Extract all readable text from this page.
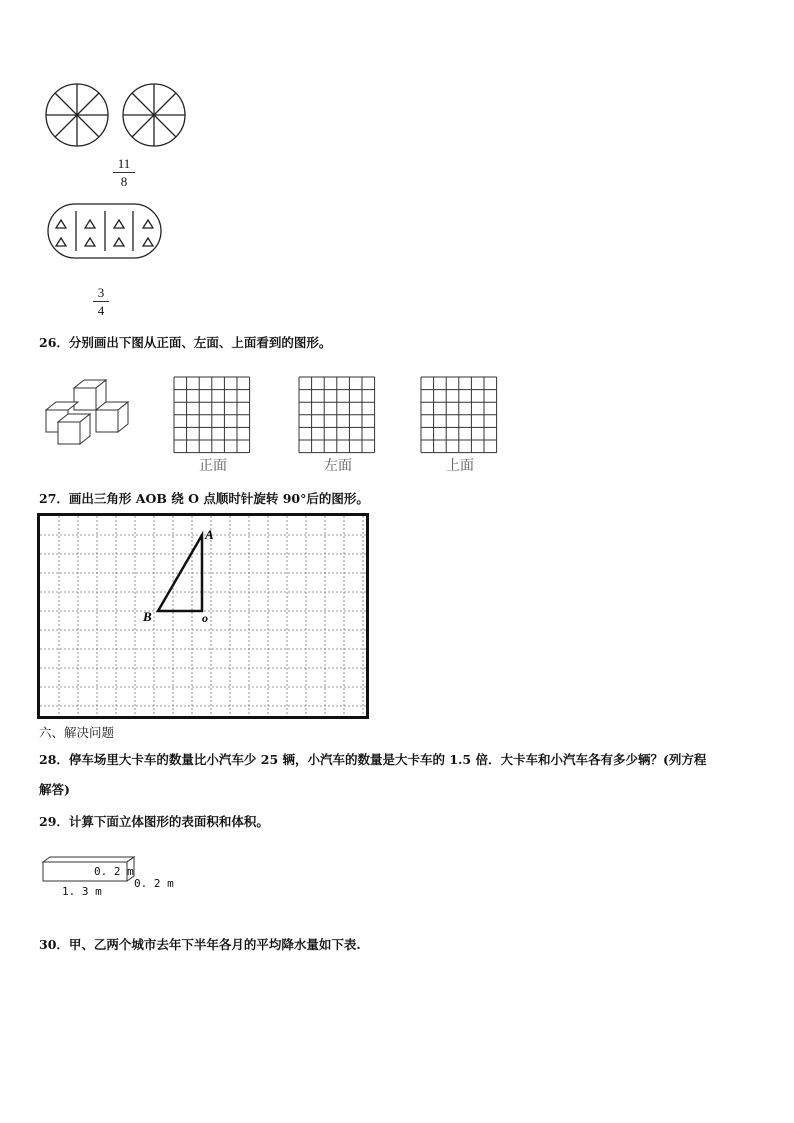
11
8
3
4
26．分别画出下图从正面、左面、上面看到的图形。
正面	左面	上面
27．画出三角形 AOB 绕 O 点顺时针旋转 90°后的图形。
A
B	o
六、解决问题
28．停车场里大卡车的数量比小汽车少 25 辆，小汽车的数量是大卡车的 1.5 倍．大卡车和小汽车各有多少辆？(列方程
解答)
29．计算下面立体图形的表面积和体积。
0. 2 m
0. 2 m
1. 3 m
30．甲、乙两个城市去年下半年各月的平均降水量如下表.
